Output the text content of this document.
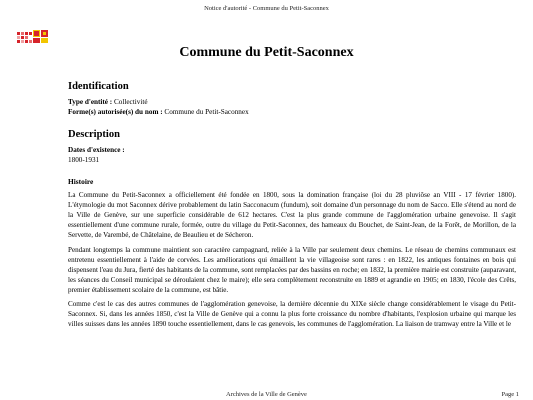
Notice d'autorité - Commune du Petit-Saconnex
Commune du Petit-Saconnex
Identification

Type d'entité : Collectivité

Forme(s) autorisée(s) du nom : Commune du Petit-Saconnex

Description

Dates d'existence :

1800-1931

Histoire

La Commune du Petit-Saconnex a officiellement été fondée en 1800, sous la domination française (loi du 28 pluviôse an VIII - 17 février 1800). L'étymologie du mot Saconnex dérive probablement du latin Saccona​cum (fundum), soit domaine d'un personnage du nom de Sacco. Elle s'étend au nord de la Ville de Genève, sur une superficie considérable de 612 hectares. C'est la plus grande commune de l'agglomération urbaine genevoise. Il s'agit essentiellement d'une commune rurale, formée, outre du village du Petit-Saconnex, des hameaux du Bouchet, de Saint-Jean, de la Forêt, de Morillon, de la Servette, de Varembé, de Châtelaine, de Beaulieu et de Sécheron.

Pendant longtemps la commune maintient son caractère campagnard, reliée à la Ville par seulement deux chemins. Le réseau de chemins communaux est entretenu essentiellement à l'aide de corvées. Les améliorations qui émaillent la vie villageoise sont rares : en 1822, les antiques fontaines en bois qui dispensent l'eau du Jura, fierté des habitants de la commune, sont remplacées par des bassins en roche; en 1832, la première mairie est construite (auparavant, les séances du Conseil municipal se déroulaient chez le maire); elle sera complètement reconstruite en 1889 et agrandie en 1905; en 1830, l'école des Crêts, premier établissement scolaire de la commune, est bâtie.

Comme c'est le cas des autres communes de l'agglomération genevoise, la dernière décennie du XIXe siècle change considérablement le visage du Petit-Saconnex. Si, dans les années 1850, c'est la Ville de Genève qui a connu la plus forte croissance du nombre d'habitants, l'explosion urbaine qui marque les villes suisses dans les années 1890 touche essentiellement, dans le cas genevois, les communes de l'agglomération. La liaison de tramway entre la Ville et le

Archives de la Ville de Genève	Page 1
